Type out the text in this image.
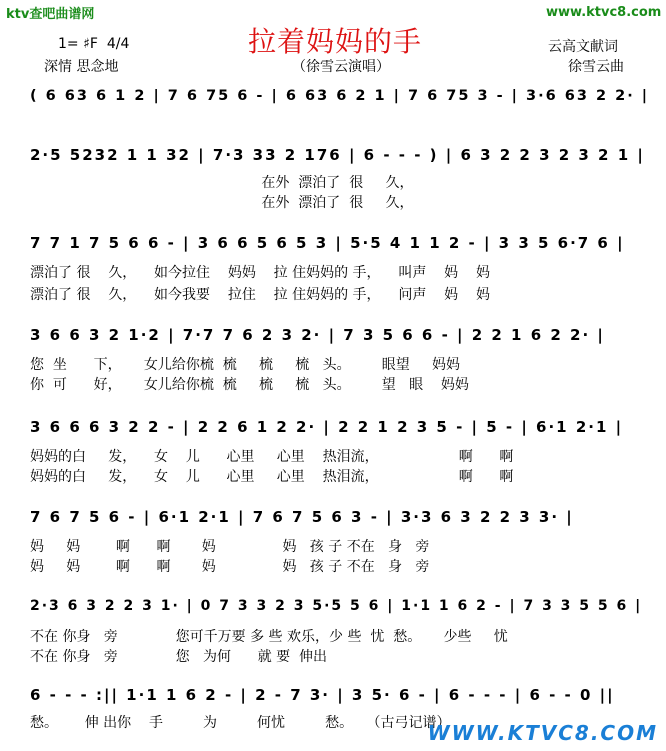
ktv查吧曲谱网	www.ktvc8.com
拉着妈妈的手
1= ♯F  4/4
深情 思念地	（徐雪云演唱）
云高文献词
徐雪云曲
( 6 63 6 1 2 | 7 6 75 6 - | 6 63 6 2 1 | 7 6 75 3 - | 3·6 63 2 2· |
2·5 5232 1 1 32 | 7·3 33 2 176 | 6 - - - ) | 6 3 2 2 3 2 3 2 1 |
在外  漂泊了  很     久，
在外  漂泊了  很     久，
7 7 1 7 5 6 6 - | 3 6 6 5 6 5 3 | 5·5 4 1 1 2 - | 3 3 5 6·7 6 |
漂泊了 很    久，    如今拉住    妈妈    拉 住妈妈的 手，    叫声    妈    妈
漂泊了 很    久，    如今我要    拉住    拉 住妈妈的 手，    问声    妈    妈
3 6 6 3 2 1·2 | 7·7 7 6 2 3 2· | 7 3 5 6 6 - | 2 2 1 6 2 2· |
您  坐      下，     女儿给你梳  梳     梳     梳   头。       眼望     妈妈
你  可      好，     女儿给你梳  梳     梳     梳   头。       望   眼    妈妈
3 6 6 6 3 2 2 - | 2 2 6 1 2 2· | 2 2 1 2 3 5 - | 5 - | 6·1 2·1 |
妈妈的白     发，    女    儿      心里     心里    热泪流，                  啊      啊
妈妈的白     发，    女    儿      心里     心里    热泪流，                  啊      啊
7 6 7 5 6 - | 6·1 2·1 | 7 6 7 5 6 3 - | 3·3 6 3 2 2 3 3· |
妈     妈        啊      啊       妈               妈   孩 子 不在   身   旁
妈     妈        啊      啊       妈               妈   孩 子 不在   身   旁
2·3 6 3 2 2 3 1· | 0 7 3 3 2 3 5·5 5 6 | 1·1 1 6 2 - | 7 3 3 5 5 6 |
不在 你身   旁             您可千万要 多 些 欢乐，少 些  忧  愁。     少些     忧
不在 你身   旁             您   为何      就 要  伸出
6 - - - :|| 1·1 1 6 2 - | 2 - 7 3· | 3 5· 6 - | 6 - - - | 6 - - 0 ||
愁。      伸 出你    手         为         何忧         愁。   （古弓记谱）
WWW.KTVC8.COM
